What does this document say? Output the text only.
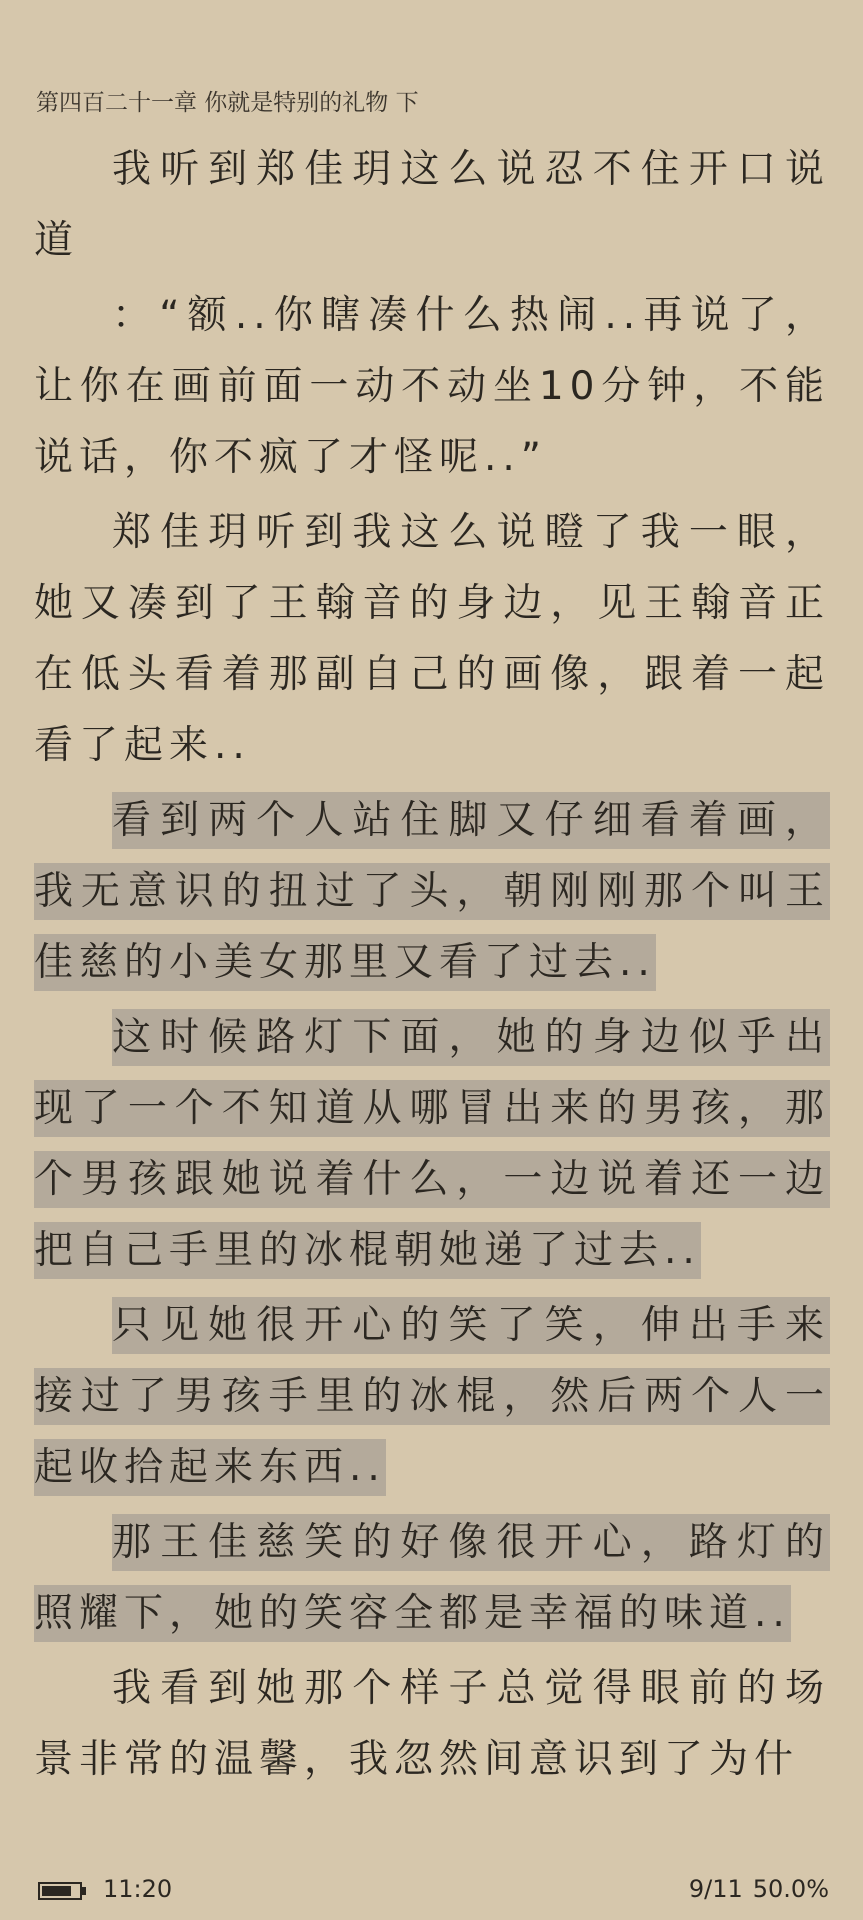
第四百二十一章 你就是特别的礼物 下

我听到郑佳玥这么说忍不住开口说道

：“额..你瞎凑什么热闹..再说了，让你在画前面一动不动坐10分钟，不能说话，你不疯了才怪呢..”

郑佳玥听到我这么说瞪了我一眼，她又凑到了王翰音的身边，见王翰音正在低头看着那副自己的画像，跟着一起看了起来..

看到两个人站住脚又仔细看着画，我无意识的扭过了头，朝刚刚那个叫王佳慈的小美女那里又看了过去..

这时候路灯下面，她的身边似乎出现了一个不知道从哪冒出来的男孩，那个男孩跟她说着什么，一边说着还一边把自己手里的冰棍朝她递了过去..

只见她很开心的笑了笑，伸出手来接过了男孩手里的冰棍，然后两个人一起收拾起来东西..

那王佳慈笑的好像很开心，路灯的照耀下，她的笑容全都是幸福的味道..

我看到她那个样子总觉得眼前的场景非常的温馨，我忽然间意识到了为什

11:20	9/11 50.0%
